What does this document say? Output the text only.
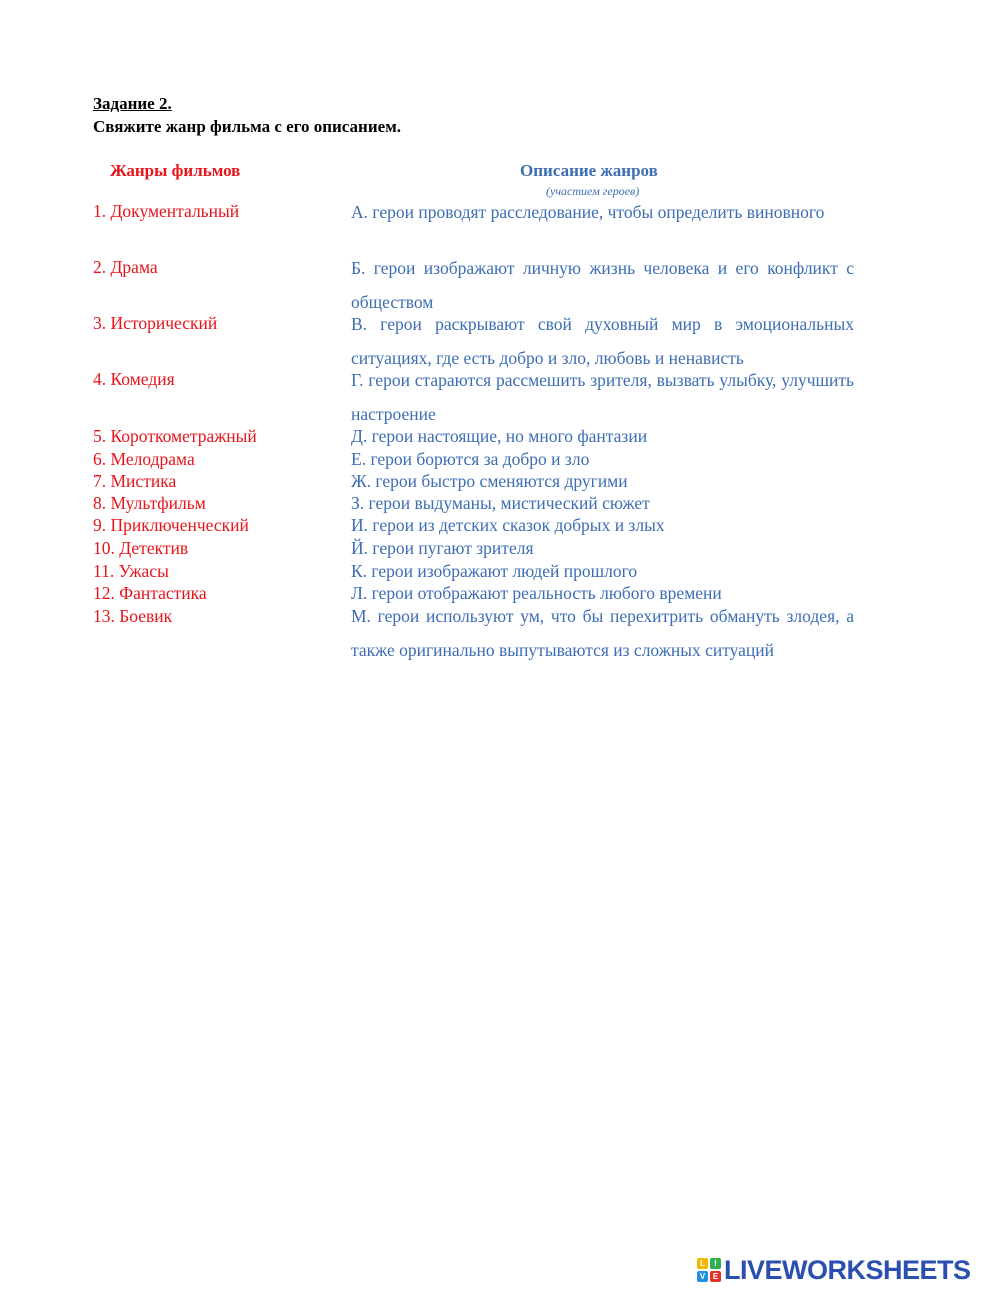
Задание 2.
Свяжите жанр фильма с его описанием.
Жанры фильмов	Описание жанров
(участием героев)
1. Документальный
2. Драма
3. Исторический
4. Комедия
5. Короткометражный
6. Мелодрама
7. Мистика
8. Мультфильм
9. Приключенческий
10. Детектив
11. Ужасы
12. Фантастика
13. Боевик
А. герои проводят расследование, чтобы определить виновного
Б. герои изображают личную жизнь человека и его конфликт с обществом
В. герои раскрывают свой духовный мир в эмоциональных ситуациях, где есть добро и зло, любовь и ненависть
Г. герои стараются рассмешить зрителя, вызвать улыбку, улучшить настроение
Д. герои настоящие, но много фантазии
Е. герои борются за добро и зло
Ж. герои быстро сменяются другими
З. герои выдуманы, мистический сюжет
И. герои из детских сказок добрых и злых
Й. герои пугают зрителя
К. герои изображают людей прошлого
Л. герои отображают реальность любого времени
М. герои используют ум, что бы перехитрить обмануть злодея, а также оригинально выпутываются из сложных ситуаций
L	I
V E LIVEWORKSHEETS
